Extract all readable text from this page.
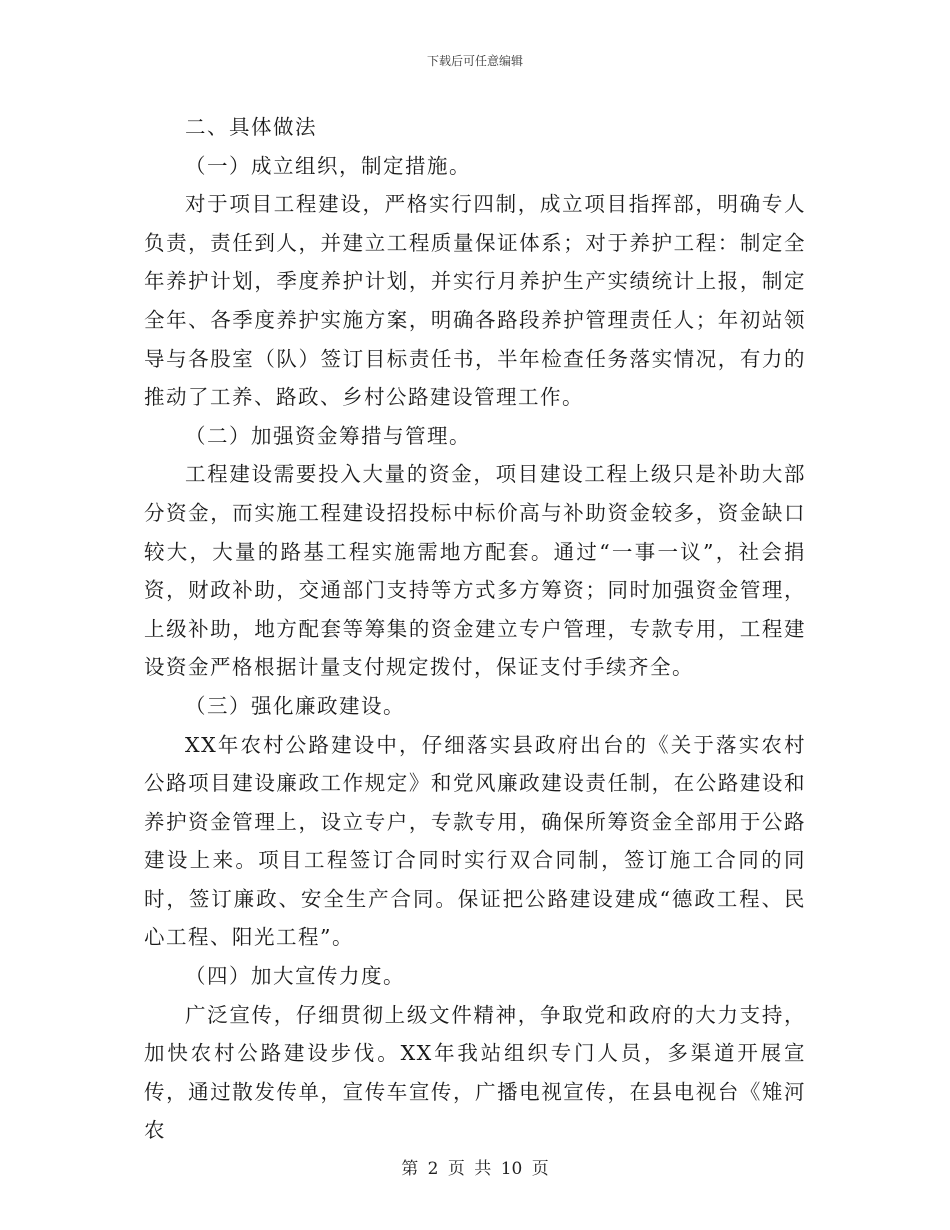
下载后可任意编辑

二、具体做法

（一）成立组织，制定措施。

对于项目工程建设，严格实行四制，成立项目指挥部，明确专人负责，责任到人，并建立工程质量保证体系；对于养护工程：制定全年养护计划，季度养护计划，并实行月养护生产实绩统计上报，制定全年、各季度养护实施方案，明确各路段养护管理责任人；年初站领导与各股室（队）签订目标责任书，半年检查任务落实情况，有力的推动了工养、路政、乡村公路建设管理工作。

（二）加强资金筹措与管理。

工程建设需要投入大量的资金，项目建设工程上级只是补助大部分资金，而实施工程建设招投标中标价高与补助资金较多，资金缺口较大，大量的路基工程实施需地方配套。通过“一事一议”，社会捐资，财政补助，交通部门支持等方式多方筹资；同时加强资金管理，上级补助，地方配套等筹集的资金建立专户管理，专款专用，工程建设资金严格根据计量支付规定拨付，保证支付手续齐全。

（三）强化廉政建设。

XX年农村公路建设中，仔细落实县政府出台的《关于落实农村公路项目建设廉政工作规定》和党风廉政建设责任制，在公路建设和养护资金管理上，设立专户，专款专用，确保所筹资金全部用于公路建设上来。项目工程签订合同时实行双合同制，签订施工合同的同时，签订廉政、安全生产合同。保证把公路建设建成“德政工程、民心工程、阳光工程”。

（四）加大宣传力度。

广泛宣传，仔细贯彻上级文件精神，争取党和政府的大力支持，加快农村公路建设步伐。XX年我站组织专门人员，多渠道开展宣传，通过散发传单，宣传车宣传，广播电视宣传，在县电视台《雉河农

第 2 页 共 10 页
